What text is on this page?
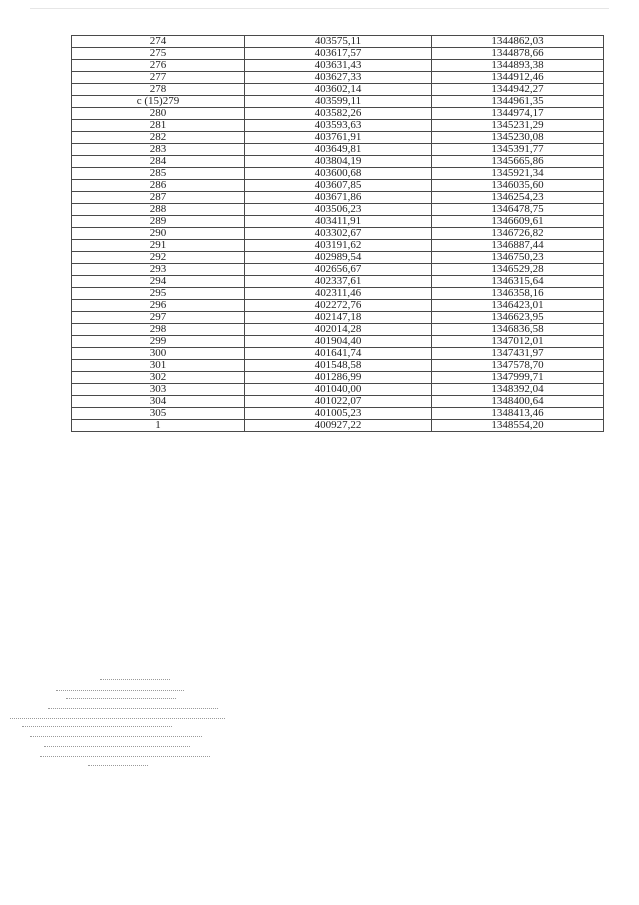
274	403575,11	1344862,03
275	403617,57	1344878,66
276	403631,43	1344893,38
277	403627,33	1344912,46
278	403602,14	1344942,27
с (15)279	403599,11	1344961,35
280	403582,26	1344974,17
281	403593,63	1345231,29
282	403761,91	1345230,08
283	403649,81	1345391,77
284	403804,19	1345665,86
285	403600,68	1345921,34
286	403607,85	1346035,60
287	403671,86	1346254,23
288	403506,23	1346478,75
289	403411,91	1346609,61
290	403302,67	1346726,82
291	403191,62	1346887,44
292	402989,54	1346750,23
293	402656,67	1346529,28
294	402337,61	1346315,64
295	402311,46	1346358,16
296	402272,76	1346423,01
297	402147,18	1346623,95
298	402014,28	1346836,58
299	401904,40	1347012,01
300	401641,74	1347431,97
301	401548,58	1347578,70
302	401286,99	1347999,71
303	401040,00	1348392,04
304	401022,07	1348400,64
305	401005,23	1348413,46
1	400927,22	1348554,20
